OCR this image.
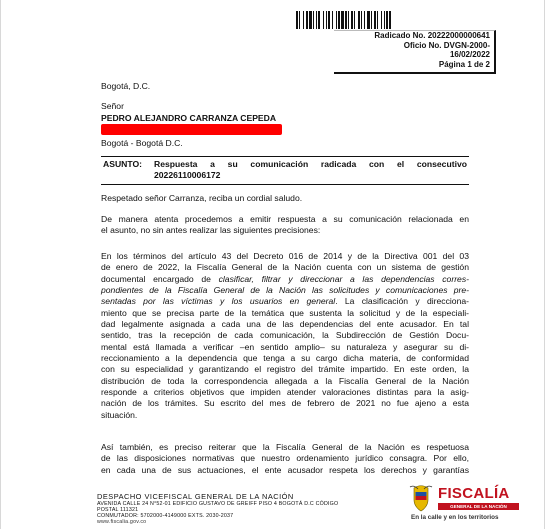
Radicado No. 20222000000641
Oficio No. DVGN-2000-
16/02/2022
Página 1 de 2
Bogotá, D.C.
Señor
PEDRO ALEJANDRO CARRANZA CEPEDA
Bogotá - Bogotá D.C.
ASUNTO: Respuesta a su comunicación radicada con el consecutivo
20226110006172
Respetado señor Carranza, reciba un cordial saludo.

De manera atenta procedemos a emitir respuesta a su comunicación relacionada en

el asunto, no sin antes realizar las siguientes precisiones:

En los términos del artículo 43 del Decreto 016 de 2014 y de la Directiva 001 del 03

de enero de 2022, la Fiscalía General de la Nación cuenta con un sistema de gestión

documental encargado de clasificar, filtrar y direccionar a las dependencias corres-

pondientes de la Fiscalía General de la Nación las solicitudes y comunicaciones pre-

sentadas por las víctimas y los usuarios en general. La clasificación y direcciona-

miento que se precisa parte de la temática que sustenta la solicitud y de la especiali-

dad legalmente asignada a cada una de las dependencias del ente acusador. En tal

sentido, tras la recepción de cada comunicación, la Subdirección de Gestión Docu-

mental está llamada a verificar –en sentido amplio– su naturaleza y asegurar su di-

reccionamiento a la dependencia que tenga a su cargo dicha materia, de conformidad

con su especialidad y garantizando el registro del trámite impartido. En este orden, la

distribución de toda la correspondencia allegada a la Fiscalía General de la Nación

responde a criterios objetivos que impiden atender valoraciones distintas para la asig-

nación de los trámites. Su escrito del mes de febrero de 2021 no fue ajeno a esta

situación.

Así también, es preciso reiterar que la Fiscalía General de la Nación es respetuosa

de las disposiciones normativas que nuestro ordenamiento jurídico consagra. Por ello,

en cada una de sus actuaciones, el ente acusador respeta los derechos y garantías

DESPACHO VICEFISCAL GENERAL DE LA NACIÓN
AVENIDA CALLE 24 N°52-01 EDIFICIO GUSTAVO DE GREIFF PISO 4 BOGOTÁ D.C CÓDIGO
POSTAL 111321
CONMUTADOR: 5702000-4149000 EXTS. 2030-2037
www.fiscalia.gov.co
FISCALÍA
GENERAL DE LA NACIÓN
En la calle y en los territorios
